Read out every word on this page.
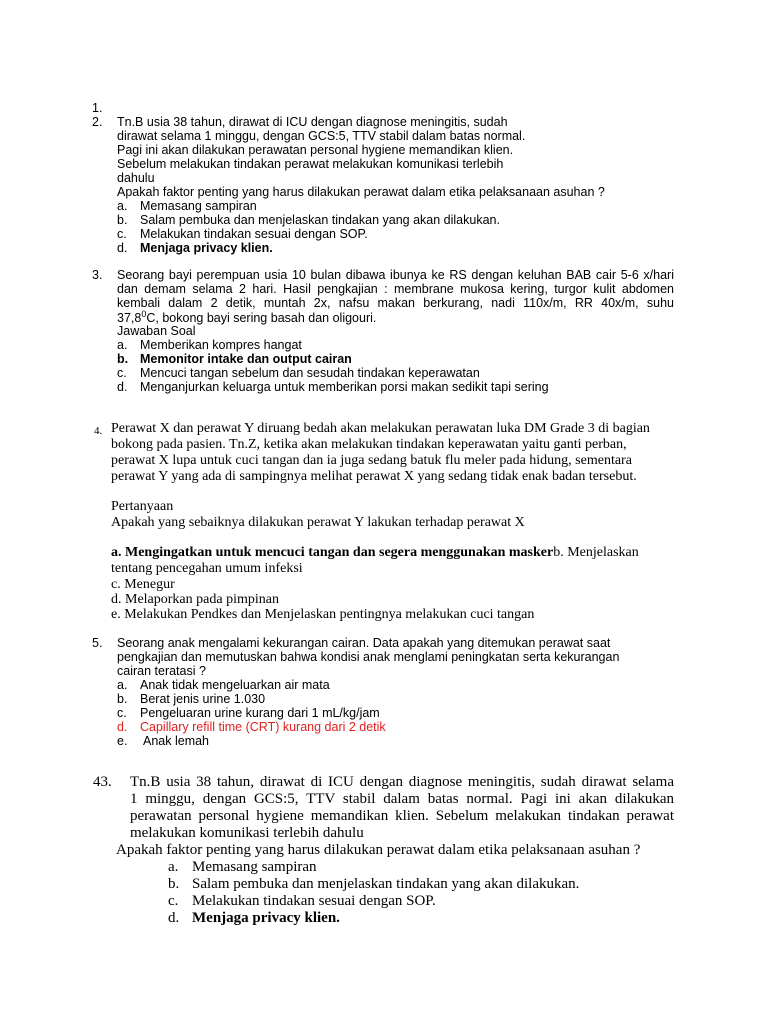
1.
2. Tn.B usia 38 tahun, dirawat di ICU dengan diagnose meningitis, sudah
dirawat selama 1 minggu, dengan GCS:5, TTV stabil dalam batas normal.
Pagi ini akan dilakukan perawatan personal hygiene memandikan klien.
Sebelum melakukan tindakan perawat melakukan komunikasi terlebih
dahulu
Apakah faktor penting yang harus dilakukan perawat dalam etika pelaksanaan asuhan ?
a. Memasang sampiran
b. Salam pembuka dan menjelaskan tindakan yang akan dilakukan.
c. Melakukan tindakan sesuai dengan SOP.
d. Menjaga privacy klien.
3. Seorang bayi perempuan usia 10 bulan dibawa ibunya ke RS dengan keluhan BAB cair 5-6 x/hari
dan demam selama 2 hari. Hasil pengkajian : membrane mukosa kering, turgor kulit abdomen
kembali dalam 2 detik, muntah 2x, nafsu makan berkurang, nadi 110x/m, RR 40x/m, suhu
37,8$^0$C, bokong bayi sering basah dan oligouri.
Jawaban Soal
a. Memberikan kompres hangat
b. Memonitor intake dan output cairan
c. Mencuci tangan sebelum dan sesudah tindakan keperawatan
d. Menganjurkan keluarga untuk memberikan porsi makan sedikit tapi sering
4. Perawat X dan perawat Y diruang bedah akan melakukan perawatan luka DM Grade 3 di bagian
bokong pada pasien. Tn.Z, ketika akan melakukan tindakan keperawatan yaitu ganti perban,
perawat X lupa untuk cuci tangan dan ia juga sedang batuk flu meler pada hidung, sementara
perawat Y yang ada di sampingnya melihat perawat X yang sedang tidak enak badan tersebut.
Pertanyaan
Apakah yang sebaiknya dilakukan perawat Y lakukan terhadap perawat X
a. Mengingatkan untuk mencuci tangan dan segera menggunakan maskerb. Menjelaskan
tentang pencegahan umum infeksi
c. Menegur
d. Melaporkan pada pimpinan
e. Melakukan Pendkes dan Menjelaskan pentingnya melakukan cuci tangan
5. Seorang anak mengalami kekurangan cairan. Data apakah yang ditemukan perawat saat
pengkajian dan memutuskan bahwa kondisi anak menglami peningkatan serta kekurangan
cairan teratasi ?
a. Anak tidak mengeluarkan air mata
b. Berat jenis urine 1.030
c. Pengeluaran urine kurang dari 1 mL/kg/jam
d. Capillary refill time (CRT) kurang dari 2 detik
e. Anak lemah
43. Tn.B usia 38 tahun, dirawat di ICU dengan diagnose meningitis, sudah dirawat selama
1 minggu, dengan GCS:5, TTV stabil dalam batas normal. Pagi ini akan dilakukan
perawatan personal hygiene memandikan klien. Sebelum melakukan tindakan perawat
melakukan komunikasi terlebih dahulu
Apakah faktor penting yang harus dilakukan perawat dalam etika pelaksanaan asuhan ?
a. Memasang sampiran
b. Salam pembuka dan menjelaskan tindakan yang akan dilakukan.
c. Melakukan tindakan sesuai dengan SOP.
d. Menjaga privacy klien.
